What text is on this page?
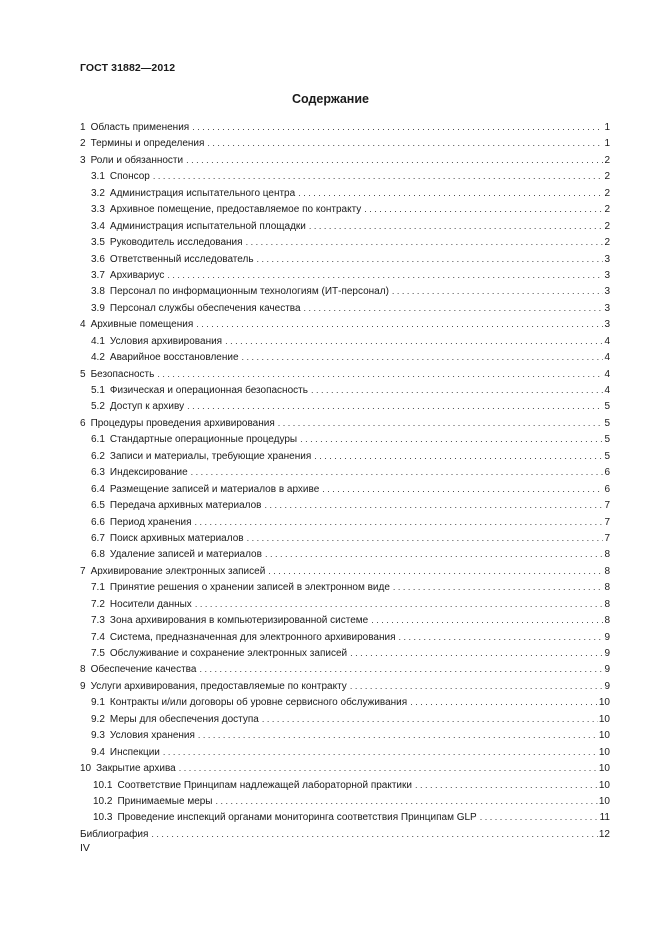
ГОСТ 31882—2012
Содержание
1 Область применения . . .	1
2 Термины и определения . . .	1
3 Роли и обязанности . . .	2
3.1 Спонсор . . .	2
3.2 Администрация испытательного центра . . .	2
3.3 Архивное помещение, предоставляемое по контракту . . .	2
3.4 Администрация испытательной площадки . . .	2
3.5 Руководитель исследования . . .	2
3.6 Ответственный исследователь . . .	3
3.7 Архивариус . . .	3
3.8 Персонал по информационным технологиям (ИТ-персонал) . . .	3
3.9 Персонал службы обеспечения качества . . .	3
4 Архивные помещения . . .	3
4.1 Условия архивирования . . .	4
4.2 Аварийное восстановление . . .	4
5 Безопасность . . .	4
5.1 Физическая и операционная безопасность . . .	4
5.2 Доступ к архиву . . .	5
6 Процедуры проведения архивирования . . .	5
6.1 Стандартные операционные процедуры . . .	5
6.2 Записи и материалы, требующие хранения . . .	5
6.3 Индексирование . . .	6
6.4 Размещение записей и материалов в архиве . . .	6
6.5 Передача архивных материалов . . .	7
6.6 Период хранения . . .	7
6.7 Поиск архивных материалов . . .	7
6.8 Удаление записей и материалов . . .	8
7 Архивирование электронных записей . . .	8
7.1 Принятие решения о хранении записей в электронном виде . . .	8
7.2 Носители данных . . .	8
7.3 Зона архивирования в компьютеризированной системе . . .	8
7.4 Система, предназначенная для электронного архивирования . . .	9
7.5 Обслуживание и сохранение электронных записей . . .	9
8 Обеспечение качества . . .	9
9 Услуги архивирования, предоставляемые по контракту . . .	9
9.1 Контракты и/или договоры об уровне сервисного обслуживания . . .	10
9.2 Меры для обеспечения доступа . . .	10
9.3 Условия хранения . . .	10
9.4 Инспекции . . .	10
10 Закрытие архива . . .	10
10.1 Соответствие Принципам надлежащей лабораторной практики . . .	10
10.2 Принимаемые меры . . .	10
10.3 Проведение инспекций органами мониторинга соответствия Принципам GLP . . .	11
Библиография . . .	12
IV
